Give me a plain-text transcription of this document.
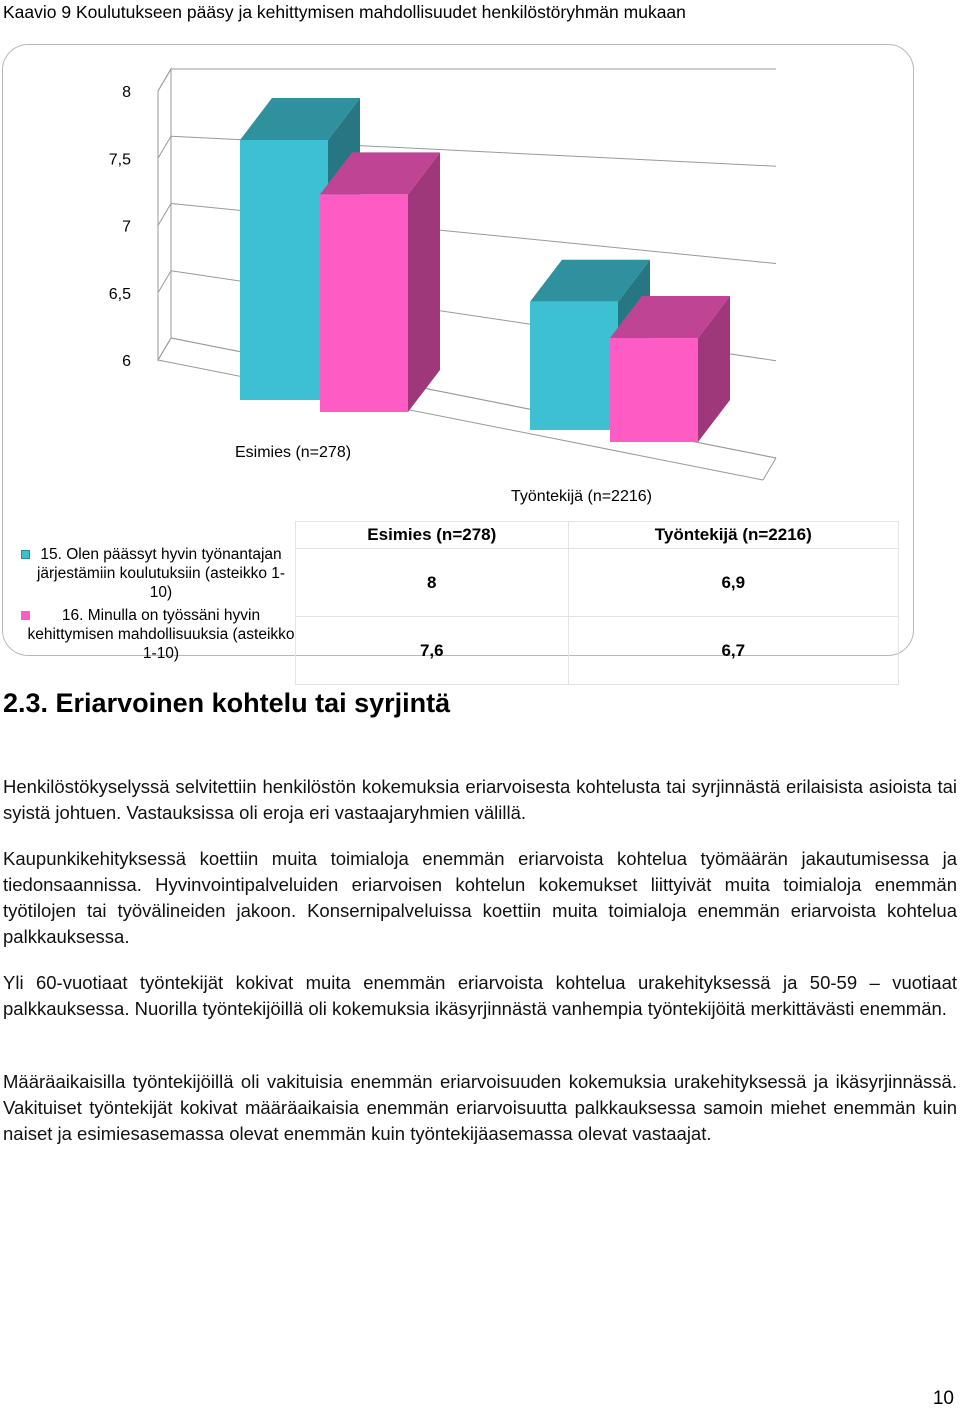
Kaavio 9 Koulutukseen pääsy ja kehittymisen mahdollisuudet henkilöstöryhmän mukaan
8
7,5
7
6,5
6
Esimies (n=278)
Työntekijä (n=2216)
15. Olen päässyt hyvin työnantajan järjestämiin koulutuksiin (asteikko 1-10)
16. Minulla on työssäni hyvin kehittymisen mahdollisuuksia (asteikko 1-10)
Esimies (n=278)	Työntekijä (n=2216)
8	6,9
7,6	6,7
2.3. Eriarvoinen kohtelu tai syrjintä

Henkilöstökyselyssä selvitettiin henkilöstön kokemuksia eriarvoisesta kohtelusta tai syrjinnästä erilaisista asioista tai syistä johtuen. Vastauksissa oli eroja eri vastaajaryhmien välillä.

Kaupunkikehityksessä koettiin muita toimialoja enemmän eriarvoista kohtelua työmäärän jakautumisessa ja tiedonsaannissa. Hyvinvointipalveluiden eriarvoisen kohtelun kokemukset liittyivät muita toimialoja enemmän työtilojen tai työvälineiden jakoon. Konsernipalveluissa koettiin muita toimialoja enemmän eriarvoista kohtelua palkkauksessa.

Yli 60-vuotiaat työntekijät kokivat muita enemmän eriarvoista kohtelua urakehityksessä ja 50-59 – vuotiaat palkkauksessa. Nuorilla työntekijöillä oli kokemuksia ikäsyrjinnästä vanhempia työntekijöitä merkittävästi enemmän.

Määräaikaisilla työntekijöillä oli vakituisia enemmän eriarvoisuuden kokemuksia urakehityksessä ja ikäsyrjinnässä. Vakituiset työntekijät kokivat määräaikaisia enemmän eriarvoisuutta palkkauksessa samoin miehet enemmän kuin naiset ja esimiesasemassa olevat enemmän kuin työntekijäasemassa olevat vastaajat.

10
